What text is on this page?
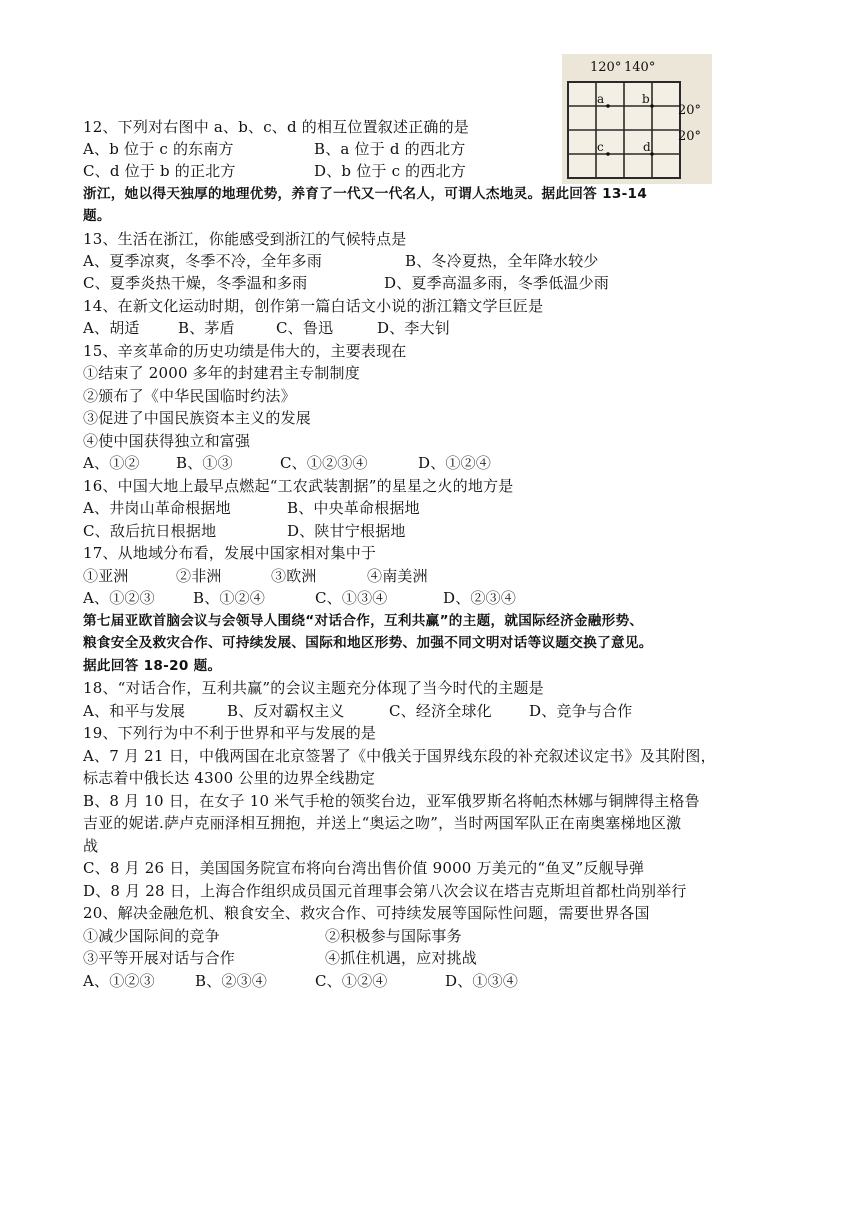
120° 140°
a	b
c	d
20°
20°
12、下列对右图中 a、b、c、d 的相互位置叙述正确的是
A、b 位于 c 的东南方	B、a 位于 d 的西北方
C、d 位于 b 的正北方	D、b 位于 c 的西北方
浙江，她以得天独厚的地理优势，养育了一代又一代名人，可谓人杰地灵。据此回答 13-14
题。
13、生活在浙江，你能感受到浙江的气候特点是
A、夏季凉爽，冬季不冷，全年多雨	B、冬冷夏热，全年降水较少
C、夏季炎热干燥，冬季温和多雨	D、夏季高温多雨，冬季低温少雨
14、在新文化运动时期，创作第一篇白话文小说的浙江籍文学巨匠是
A、胡适	B、茅盾	C、鲁迅	D、李大钊
15、辛亥革命的历史功绩是伟大的，主要表现在
①结束了 2000 多年的封建君主专制制度
②颁布了《中华民国临时约法》
③促进了中国民族资本主义的发展
④使中国获得独立和富强
A、①② B、①③	C、①②③④	D、①②④
16、中国大地上最早点燃起“工农武装割据”的星星之火的地方是
A、井岗山革命根据地	B、中央革命根据地
C、敌后抗日根据地	D、陕甘宁根据地
17、从地域分布看，发展中国家相对集中于
①亚洲	②非洲	③欧洲	④南美洲
A、①②③	B、①②④	C、①③④	D、②③④
第七届亚欧首脑会议与会领导人围绕“对话合作，互利共赢”的主题，就国际经济金融形势、
粮食安全及救灾合作、可持续发展、国际和地区形势、加强不同文明对话等议题交换了意见。
据此回答 18-20 题。
18、“对话合作，互利共赢”的会议主题充分体现了当今时代的主题是
A、和平与发展	B、反对霸权主义	C、经济全球化 D、竞争与合作
19、下列行为中不利于世界和平与发展的是
A、7 月 21 日，中俄两国在北京签署了《中俄关于国界线东段的补充叙述议定书》及其附图，
标志着中俄长达 4300 公里的边界全线勘定
B、8 月 10 日，在女子 10 米气手枪的领奖台边，亚军俄罗斯名将帕杰林娜与铜牌得主格鲁
吉亚的妮诺.萨卢克丽泽相互拥抱，并送上“奥运之吻”，当时两国军队正在南奥塞梯地区激
战
C、8 月 26 日，美国国务院宣布将向台湾出售价值 9000 万美元的“鱼叉”反舰导弹
D、8 月 28 日，上海合作组织成员国元首理事会第八次会议在塔吉克斯坦首都杜尚别举行
20、解决金融危机、粮食安全、救灾合作、可持续发展等国际性问题，需要世界各国
①减少国际间的竞争	②积极参与国际事务
③平等开展对话与合作	④抓住机遇，应对挑战
A、①②③	B、②③④	C、①②④	D、①③④
